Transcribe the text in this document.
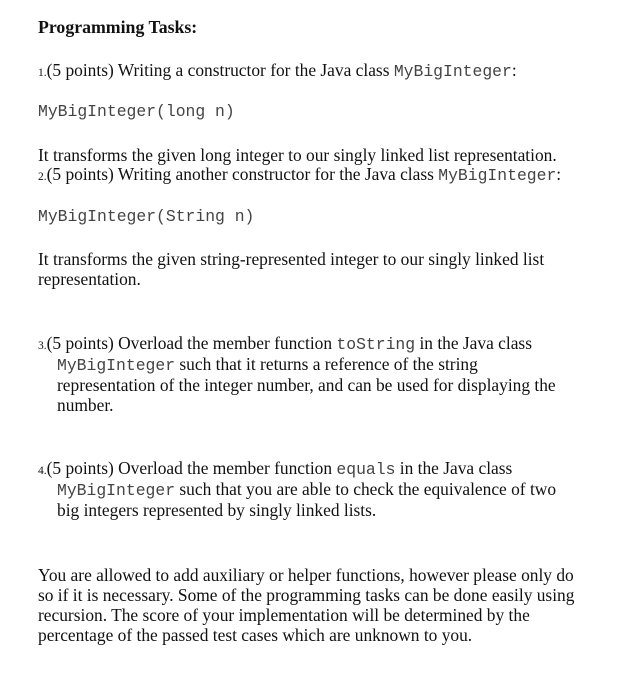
Programming Tasks:
1.(5 points) Writing a constructor for the Java class MyBigInteger:
MyBigInteger(long n)
It transforms the given long integer to our singly linked list representation.
2.(5 points) Writing another constructor for the Java class MyBigInteger:
MyBigInteger(String n)
It transforms the given string-represented integer to our singly linked list
representation.
3.(5 points) Overload the member function toString in the Java class
MyBigInteger such that it returns a reference of the string
representation of the integer number, and can be used for displaying the
number.
4.(5 points) Overload the member function equals in the Java class
MyBigInteger such that you are able to check the equivalence of two
big integers represented by singly linked lists.
You are allowed to add auxiliary or helper functions, however please only do
so if it is necessary. Some of the programming tasks can be done easily using
recursion. The score of your implementation will be determined by the
percentage of the passed test cases which are unknown to you.
